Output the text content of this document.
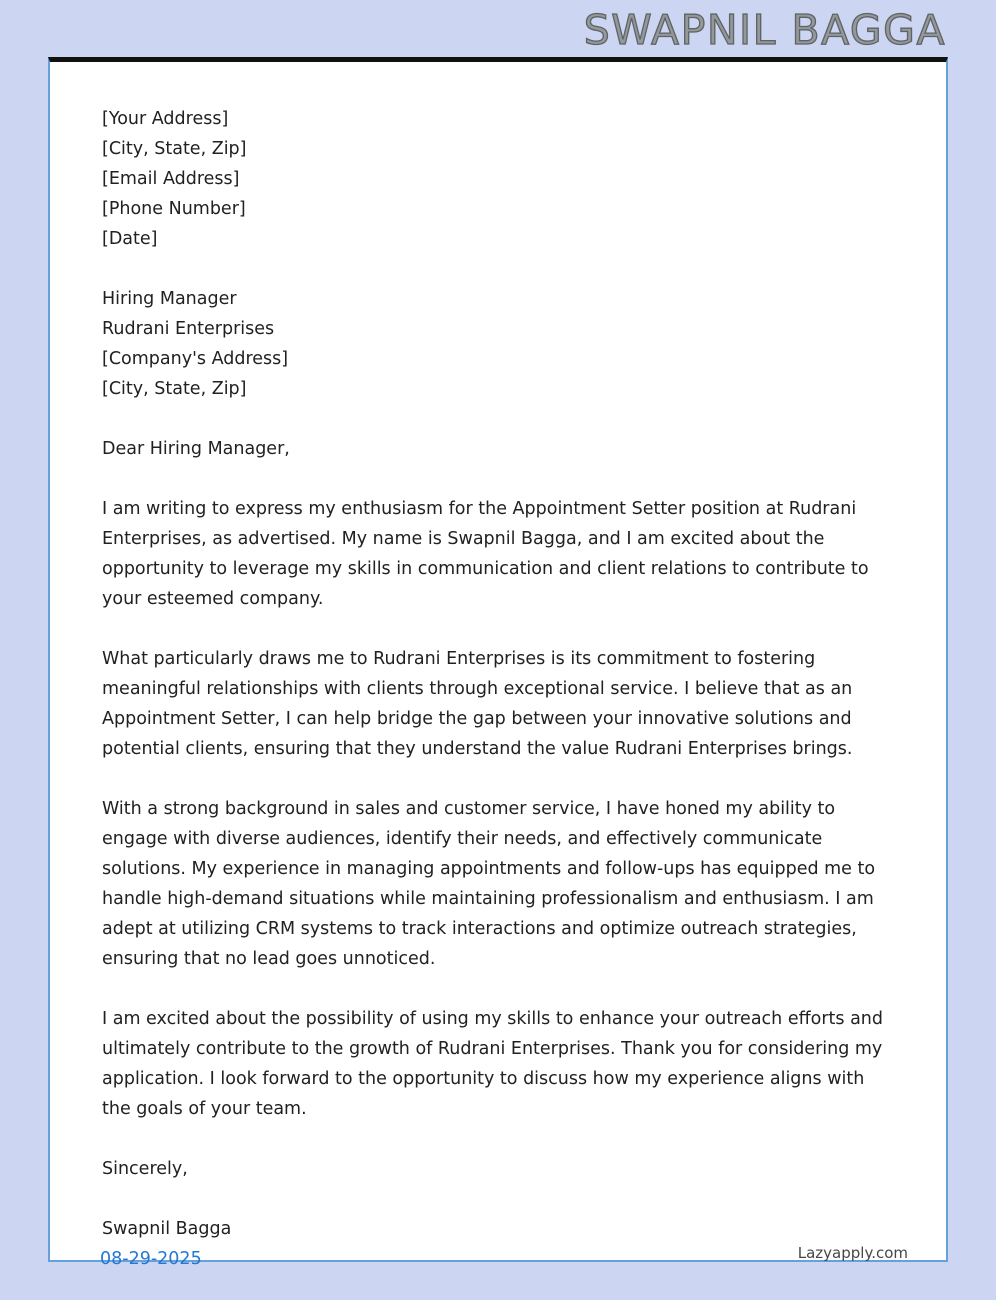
SWAPNIL BAGGA
[Your Address]
[City, State, Zip]
[Email Address]
[Phone Number]
[Date]
Hiring Manager
Rudrani Enterprises
[Company's Address]
[City, State, Zip]

Dear Hiring Manager,

I am writing to express my enthusiasm for the Appointment Setter position at Rudrani Enterprises, as advertised. My name is Swapnil Bagga, and I am excited about the opportunity to leverage my skills in communication and client relations to contribute to your esteemed company.

What particularly draws me to Rudrani Enterprises is its commitment to fostering meaningful relationships with clients through exceptional service. I believe that as an Appointment Setter, I can help bridge the gap between your innovative solutions and potential clients, ensuring that they understand the value Rudrani Enterprises brings.

With a strong background in sales and customer service, I have honed my ability to engage with diverse audiences, identify their needs, and effectively communicate solutions. My experience in managing appointments and follow-ups has equipped me to handle high-demand situations while maintaining professionalism and enthusiasm. I am adept at utilizing CRM systems to track interactions and optimize outreach strategies, ensuring that no lead goes unnoticed.

I am excited about the possibility of using my skills to enhance your outreach efforts and ultimately contribute to the growth of Rudrani Enterprises. Thank you for considering my application. I look forward to the opportunity to discuss how my experience aligns with the goals of your team.

Sincerely,

Swapnil Bagga

08-29-2025	Lazyapply.com
